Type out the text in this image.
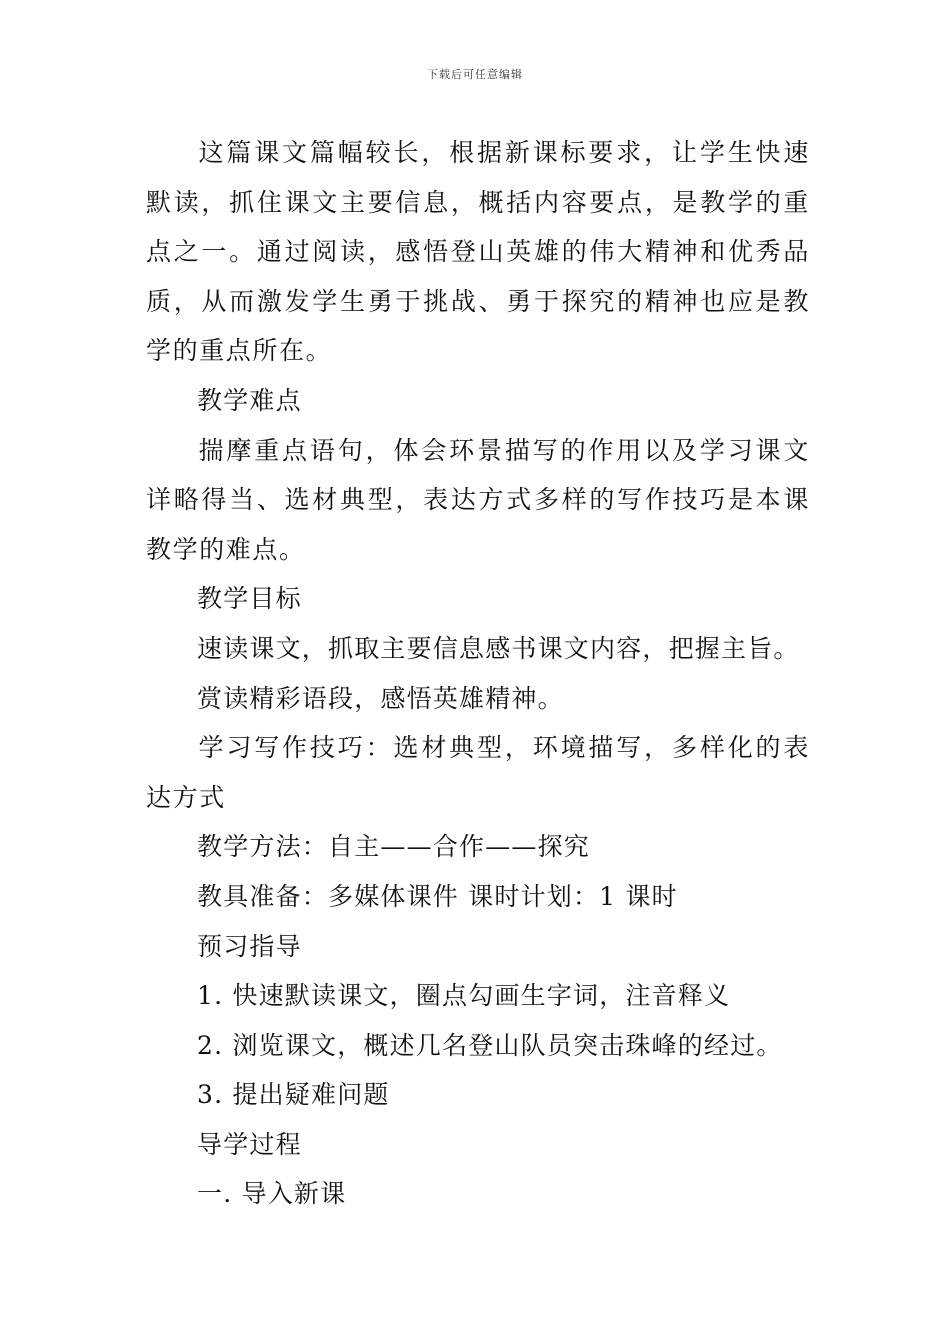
下载后可任意编辑

这篇课文篇幅较长，根据新课标要求，让学生快速默读，抓住课文主要信息，概括内容要点，是教学的重点之一。通过阅读，感悟登山英雄的伟大精神和优秀品质，从而激发学生勇于挑战、勇于探究的精神也应是教学的重点所在。

教学难点

揣摩重点语句，体会环景描写的作用以及学习课文详略得当、选材典型，表达方式多样的写作技巧是本课教学的难点。

教学目标

速读课文，抓取主要信息感书课文内容，把握主旨。

赏读精彩语段，感悟英雄精神。

学习写作技巧：选材典型，环境描写，多样化的表达方式

教学方法：自主——合作——探究

教具准备：多媒体课件 课时计划：1 课时

预习指导

1. 快速默读课文，圈点勾画生字词，注音释义

2. 浏览课文，概述几名登山队员突击珠峰的经过。

3. 提出疑难问题

导学过程

一. 导入新课
